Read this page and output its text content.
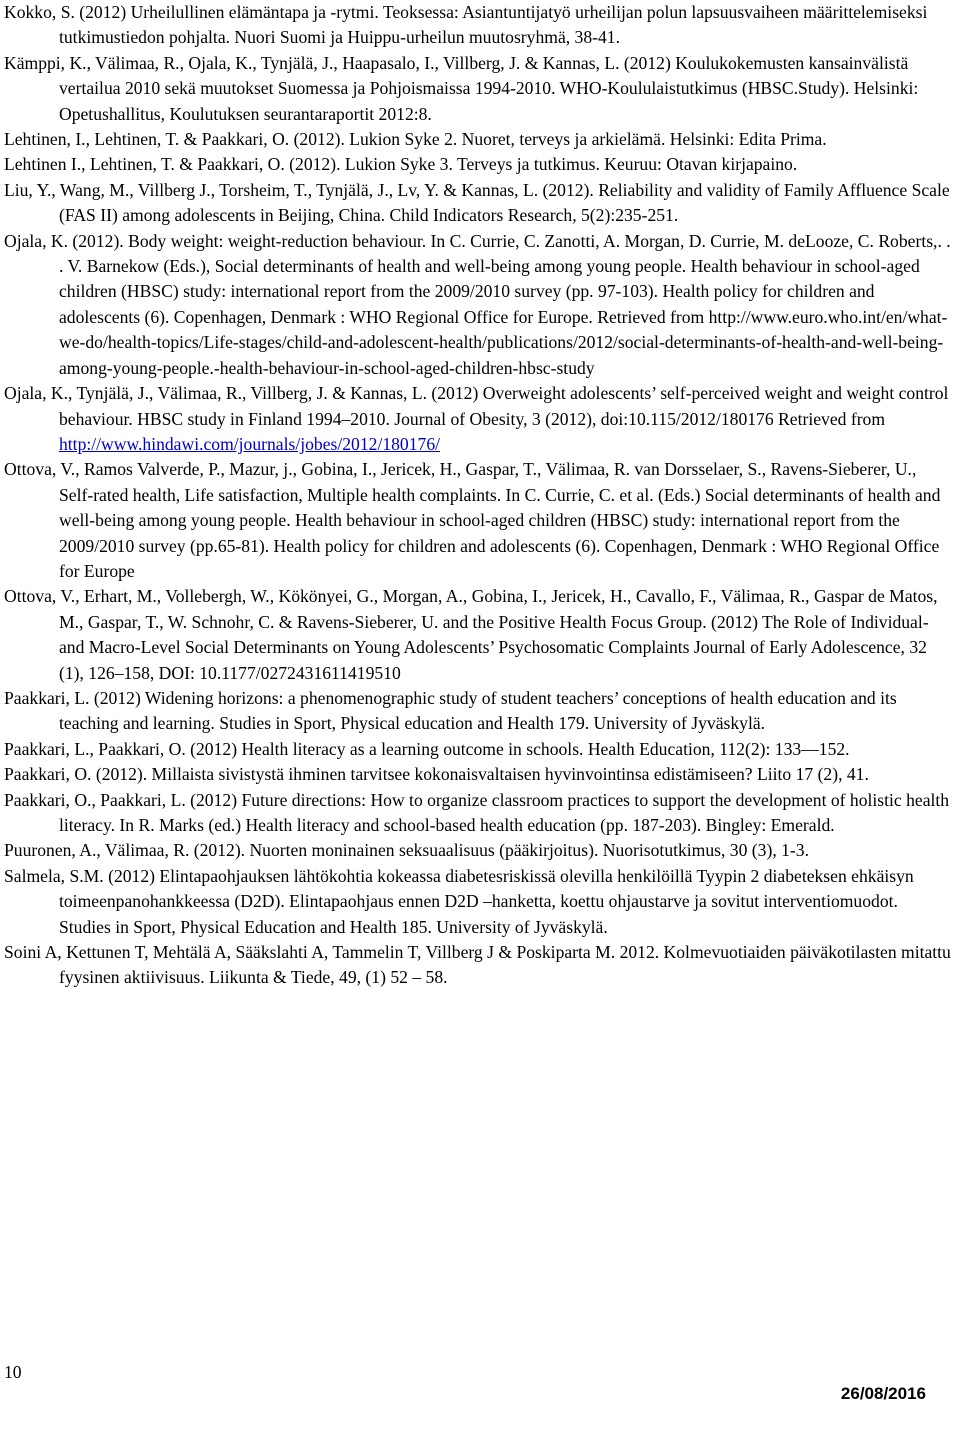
Kokko, S. (2012) Urheilullinen elämäntapa ja -rytmi. Teoksessa: Asiantuntijatyö urheilijan polun lapsuusvaiheen määrittelemiseksi tutkimustiedon pohjalta. Nuori Suomi ja Huippu-urheilun muutosryhmä, 38-41.

Kämppi, K., Välimaa, R., Ojala, K., Tynjälä, J., Haapasalo, I., Villberg, J. & Kannas, L. (2012) Koulukokemusten kansainvälistä vertailua 2010 sekä muutokset Suomessa ja Pohjoismaissa 1994-2010. WHO-Koululaistutkimus (HBSC.Study). Helsinki: Opetushallitus, Koulutuksen seurantaraportit 2012:8.

Lehtinen, I., Lehtinen, T. & Paakkari, O. (2012). Lukion Syke 2. Nuoret, terveys ja arkielämä. Helsinki: Edita Prima.

Lehtinen I., Lehtinen, T. & Paakkari, O. (2012). Lukion Syke 3. Terveys ja tutkimus. Keuruu: Otavan kirjapaino.

Liu, Y., Wang, M., Villberg J., Torsheim, T., Tynjälä, J., Lv, Y. & Kannas, L. (2012). Reliability and validity of Family Affluence Scale (FAS II) among adolescents in Beijing, China. Child Indicators Research, 5(2):235-251.

Ojala, K. (2012). Body weight: weight-reduction behaviour. In C. Currie, C. Zanotti, A. Morgan, D. Currie, M. deLooze, C. Roberts,. . . V. Barnekow (Eds.), Social determinants of health and well-being among young people. Health behaviour in school-aged children (HBSC) study: international report from the 2009/2010 survey (pp. 97-103). Health policy for children and adolescents (6). Copenhagen, Denmark : WHO Regional Office for Europe. Retrieved from http://www.euro.who.int/en/what-we-do/health-topics/Life-stages/child-and-adolescent-health/publications/2012/social-determinants-of-health-and-well-being-among-young-people.-health-behaviour-in-school-aged-children-hbsc-study

Ojala, K., Tynjälä, J., Välimaa, R., Villberg, J. & Kannas, L. (2012) Overweight adolescents’ self-perceived weight and weight control behaviour. HBSC study in Finland 1994–2010. Journal of Obesity, 3 (2012), doi:10.115/2012/180176 Retrieved from http://www.hindawi.com/journals/jobes/2012/180176/

Ottova, V., Ramos Valverde, P., Mazur, j., Gobina, I., Jericek, H., Gaspar, T., Välimaa, R. van Dorsselaer, S., Ravens-Sieberer, U., Self-rated health, Life satisfaction, Multiple health complaints. In C. Currie, C. et al. (Eds.) Social determinants of health and well-being among young people. Health behaviour in school-aged children (HBSC) study: international report from the 2009/2010 survey (pp.65-81). Health policy for children and adolescents (6). Copenhagen, Denmark : WHO Regional Office for Europe

Ottova, V., Erhart, M., Vollebergh, W., Kökönyei, G., Morgan, A., Gobina, I., Jericek, H., Cavallo, F., Välimaa, R., Gaspar de Matos, M., Gaspar, T., W. Schnohr, C. & Ravens-Sieberer, U. and the Positive Health Focus Group. (2012) The Role of Individual- and Macro-Level Social Determinants on Young Adolescents’ Psychosomatic Complaints Journal of Early Adolescence, 32 (1), 126–158, DOI: 10.1177/0272431611419510

Paakkari, L. (2012) Widening horizons: a phenomenographic study of student teachers’ conceptions of health education and its teaching and learning. Studies in Sport, Physical education and Health 179. University of Jyväskylä.

Paakkari, L., Paakkari, O. (2012) Health literacy as a learning outcome in schools. Health Education, 112(2): 133—152.

Paakkari, O. (2012). Millaista sivistystä ihminen tarvitsee kokonaisvaltaisen hyvinvointinsa edistämiseen? Liito 17 (2), 41.

Paakkari, O., Paakkari, L. (2012) Future directions: How to organize classroom practices to support the development of holistic health literacy. In R. Marks (ed.) Health literacy and school-based health education (pp. 187-203). Bingley: Emerald.

Puuronen, A., Välimaa, R. (2012). Nuorten moninainen seksuaalisuus (pääkirjoitus). Nuorisotutkimus, 30 (3), 1-3.

Salmela, S.M. (2012) Elintapaohjauksen lähtökohtia kokeassa diabetesriskissä olevilla henkilöillä Tyypin 2 diabeteksen ehkäisyn toimeenpanohankkeessa (D2D). Elintapaohjaus ennen D2D –hanketta, koettu ohjaustarve ja sovitut interventiomuodot. Studies in Sport, Physical Education and Health 185. University of Jyväskylä.

Soini A, Kettunen T, Mehtälä A, Sääkslahti A, Tammelin T, Villberg J & Poskiparta M. 2012. Kolmevuotiaiden päiväkotilasten mitattu fyysinen aktiivisuus. Liikunta & Tiede, 49, (1) 52 – 58.

10
26/08/2016
